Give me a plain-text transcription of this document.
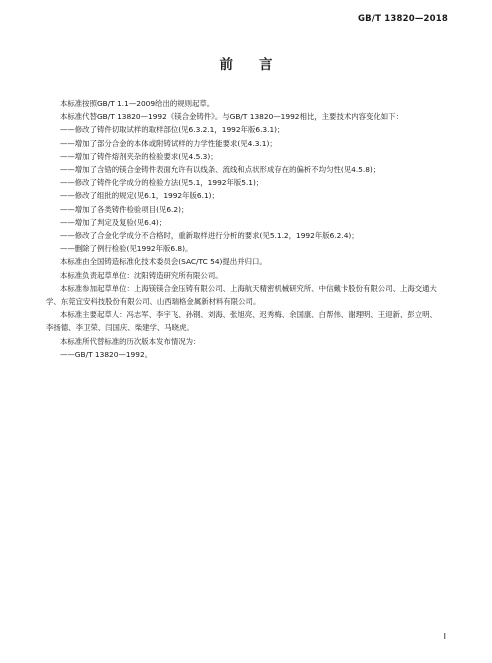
GB/T 13820—2018
前言

本标准按照GB/T 1.1—2009给出的规则起草。

本标准代替GB/T 13820—1992《镁合金铸件》。与GB/T 13820—1992相比，主要技术内容变化如下：

——修改了铸件切取试样的取样部位(见6.3.2.1，1992年版6.3.1)；

——增加了部分合金的本体或附铸试样的力学性能要求(见4.3.1)；

——增加了铸件熔剂夹杂的检验要求(见4.5.3)；

——增加了含锆的镁合金铸件表面允许有以线条、流线和点状形成存在的偏析不均匀性(见4.5.8)；

——修改了铸件化学成分的检验方法(见5.1，1992年版5.1)；

——修改了组批的规定(见6.1，1992年版6.1)；

——增加了各类铸件检验项目(见6.2)；

——增加了判定及复验(见6.4)；

——修改了合金化学成分不合格时，重新取样进行分析的要求(见5.1.2，1992年版6.2.4)；

——删除了例行检验(见1992年版6.8)。

本标准由全国铸造标准化技术委员会(SAC/TC 54)提出并归口。

本标准负责起草单位：沈阳铸造研究所有限公司。

本标准参加起草单位：上海镁镁合金压铸有限公司、上海航天精密机械研究所、中信戴卡股份有限公司、上海交通大学、东莞宜安科技股份有限公司、山西瑞格金属新材料有限公司。

本标准主要起草人：冯志军、李宇飞、孙钢、刘海、张旭亮、迟秀梅、余国康、白帮伟、谢理明、王迎新、彭立明、李扬德、李卫荣、闫国庆、柴建学、马晓虎。

本标准所代替标准的历次版本发布情况为：

——GB/T 13820—1992。

I
